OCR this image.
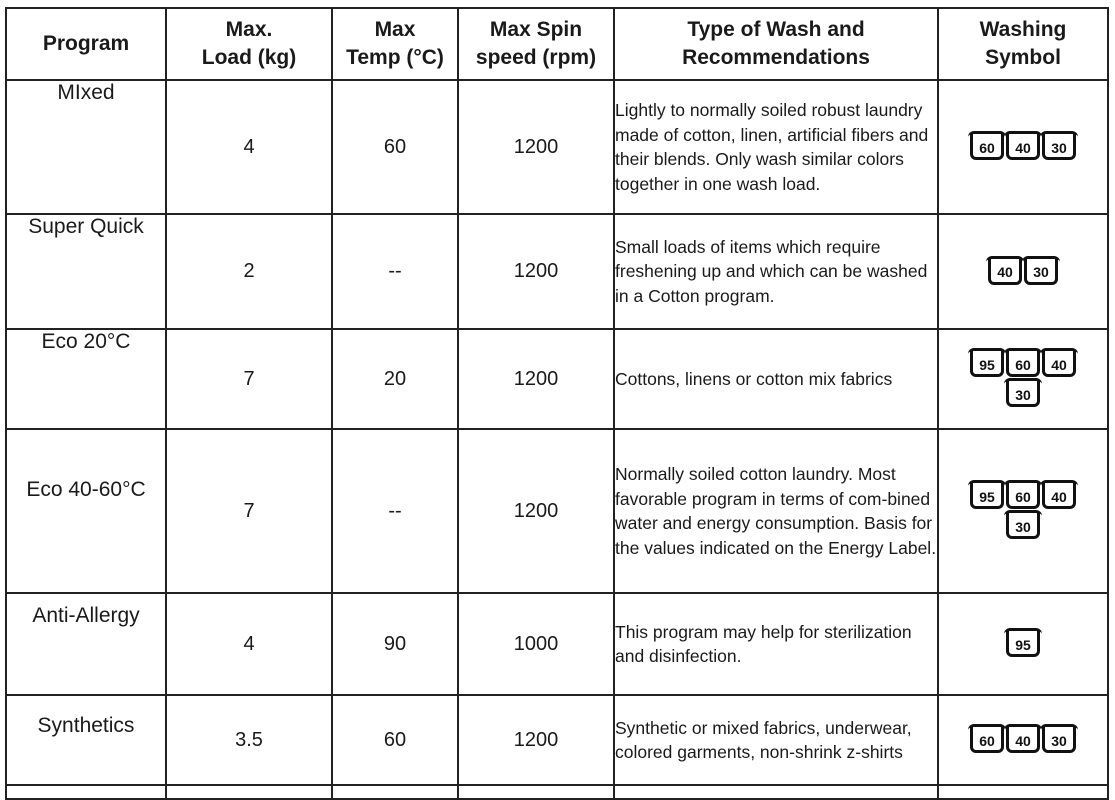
Program	Max. Load (kg)	Max Temp (°C)	Max Spin speed (rpm)	Type of Wash and Recommendations	Washing Symbol

MIxed	4	60	1200	Lightly to normally soiled robust laundry made of cotton, linen, artificial fibers and their blends. Only wash similar colors together in one wash load.	60 40 30

Super Quick	2	--	1200	Small loads of items which require freshening up and which can be washed in a Cotton program.	40 30

Eco 20°C	7	20	1200	Cottons, linens or cotton mix fabrics	95 60 40
30

Eco 40-60°C	7	--	1200	Normally soiled cotton laundry. Most favorable program in terms of com-bined water and energy consumption. Basis for the values indicated on the Energy Label.	95 60 40
30

Anti-Allergy	4	90	1000	This program may help for sterilization and disinfection.	95

Synthetics	3.5	60	1200	Synthetic or mixed fabrics, underwear, colored garments, non-shrink z-shirts	60 40 30
